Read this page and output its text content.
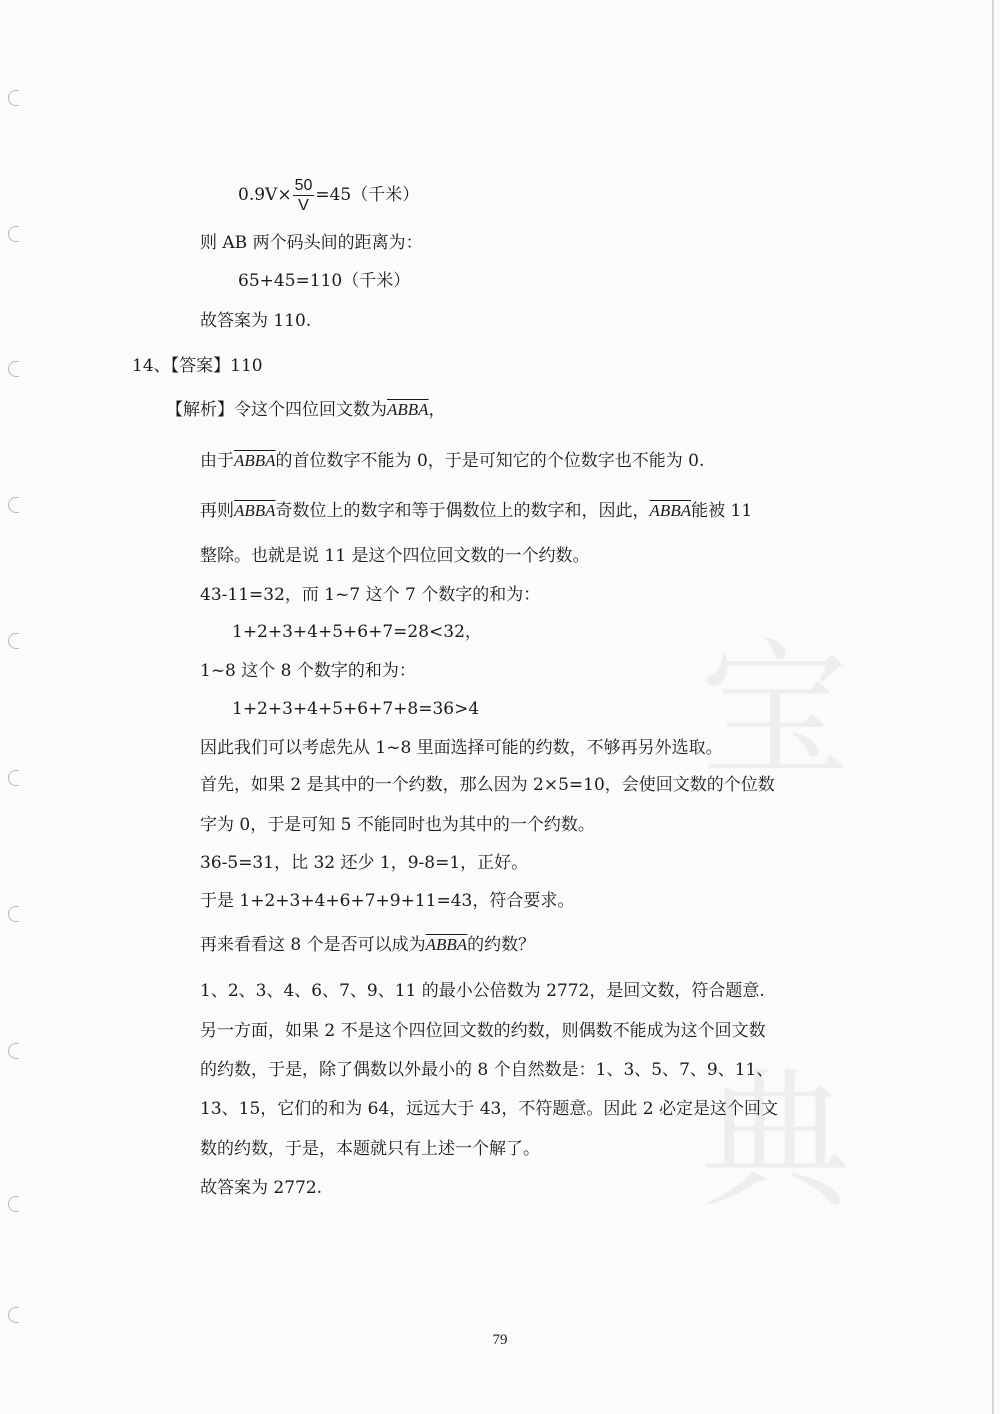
宝
典
$0.9V\times \frac{50}{V} =45$（千米）
则 AB 两个码头间的距离为：
65+45=110（千米）
故答案为 110.
14、【答案】110
【解析】令这个四位回文数为ABBA，
由于ABBA的首位数字不能为 0，于是可知它的个位数字也不能为 0.
再则ABBA奇数位上的数字和等于偶数位上的数字和，因此，ABBA能被 11
整除。也就是说 11 是这个四位回文数的一个约数。
43-11=32，而 1~7 这个 7 个数字的和为：
1+2+3+4+5+6+7=28<32，
1~8 这个 8 个数字的和为：
1+2+3+4+5+6+7+8=36>4
因此我们可以考虑先从 1~8 里面选择可能的约数，不够再另外选取。
首先，如果 2 是其中的一个约数，那么因为 2×5=10，会使回文数的个位数
字为 0，于是可知 5 不能同时也为其中的一个约数。
36-5=31，比 32 还少 1，9-8=1，正好。
于是 1+2+3+4+6+7+9+11=43，符合要求。
再来看看这 8 个是否可以成为ABBA的约数？
1、2、3、4、6、7、9、11 的最小公倍数为 2772，是回文数，符合题意.
另一方面，如果 2 不是这个四位回文数的约数，则偶数不能成为这个回文数
的约数，于是，除了偶数以外最小的 8 个自然数是：1、3、5、7、9、11、
13、15，它们的和为 64，远远大于 43，不符题意。因此 2 必定是这个回文
数的约数，于是，本题就只有上述一个解了。
故答案为 2772.
79
